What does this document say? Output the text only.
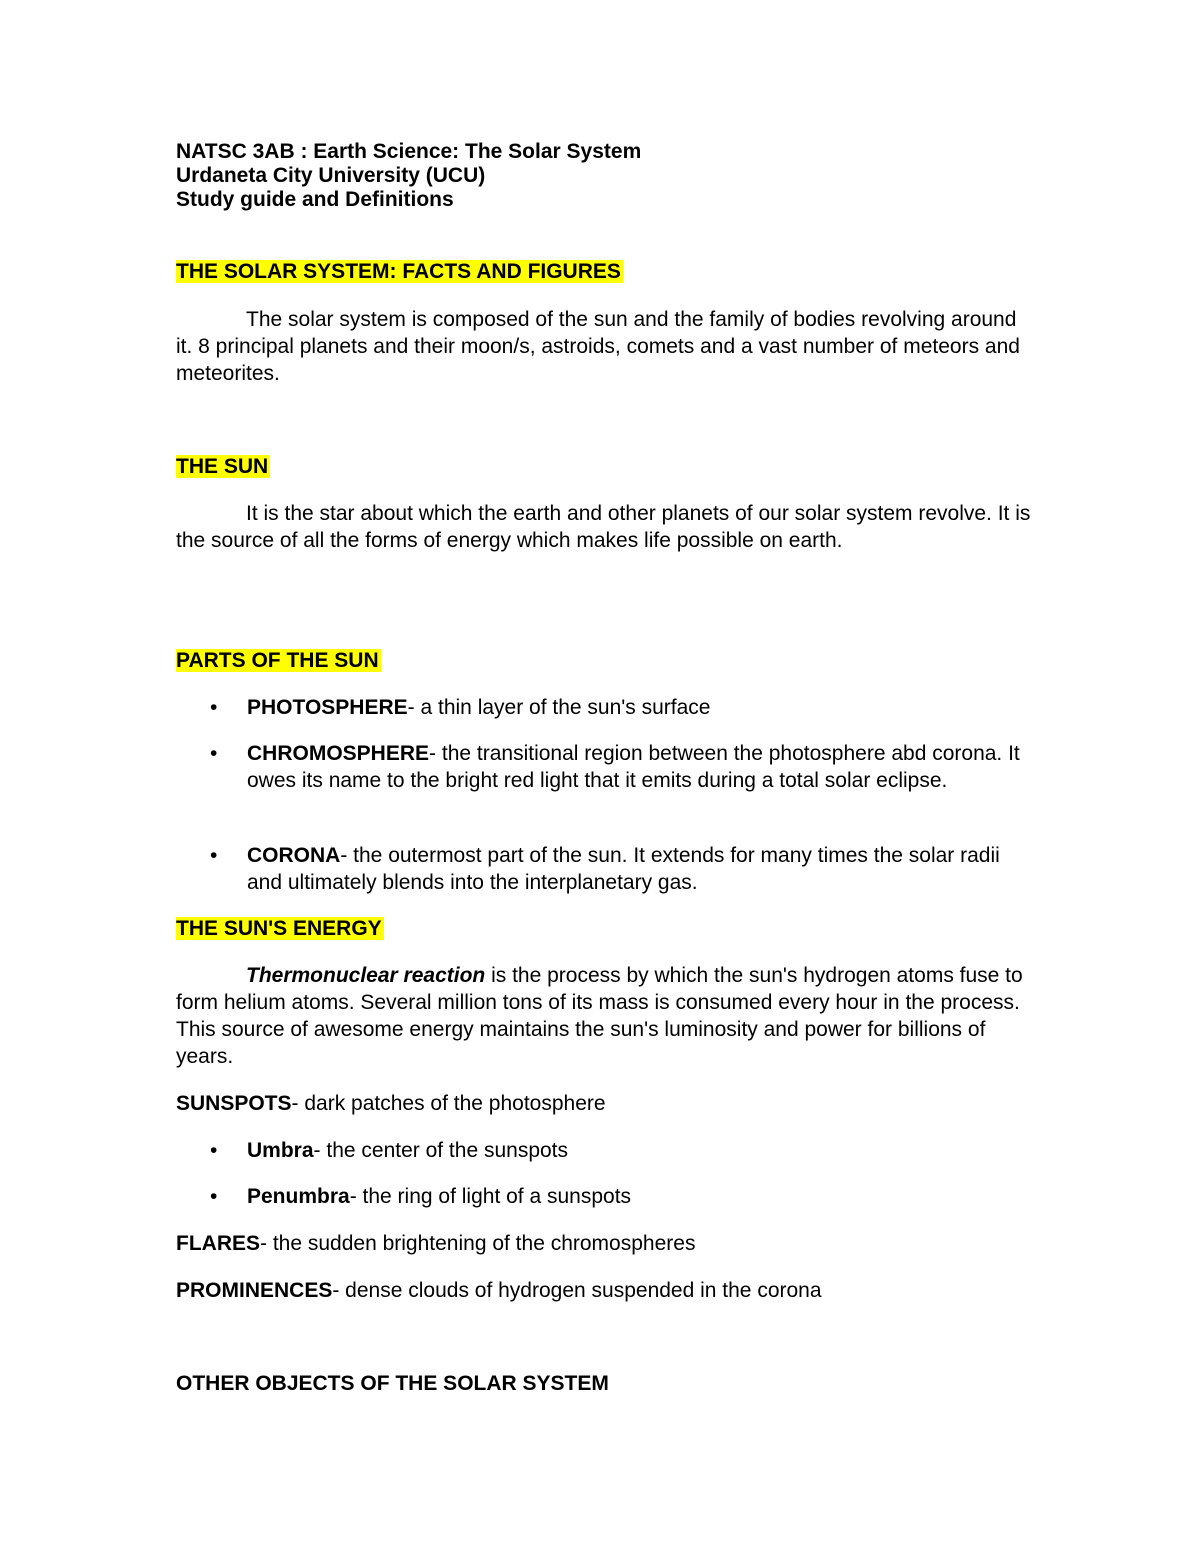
NATSC 3AB : Earth Science: The Solar System
Urdaneta City University (UCU)
Study guide and Definitions
THE SOLAR SYSTEM: FACTS AND FIGURES

The solar system is composed of the sun and the family of bodies revolving around it. 8 principal planets and their moon/s, astroids, comets and a vast number of meteors and meteorites.

THE SUN

It is the star about which the earth and other planets of our solar system revolve. It is the source of all the forms of energy which makes life possible on earth.

PARTS OF THE SUN
• PHOTOSPHERE- a thin layer of the sun's surface
• CHROMOSPHERE- the transitional region between the photosphere abd corona. It owes its name to the bright red light that it emits during a total solar eclipse.
• CORONA- the outermost part of the sun. It extends for many times the solar radii and ultimately blends into the interplanetary gas.
THE SUN'S ENERGY

Thermonuclear reaction is the process by which the sun's hydrogen atoms fuse to form helium atoms. Several million tons of its mass is consumed every hour in the process. This source of awesome energy maintains the sun's luminosity and power for billions of years.

SUNSPOTS- dark patches of the photosphere
• Umbra- the center of the sunspots
• Penumbra- the ring of light of a sunspots
FLARES- the sudden brightening of the chromospheres
PROMINENCES- dense clouds of hydrogen suspended in the corona
OTHER OBJECTS OF THE SOLAR SYSTEM
